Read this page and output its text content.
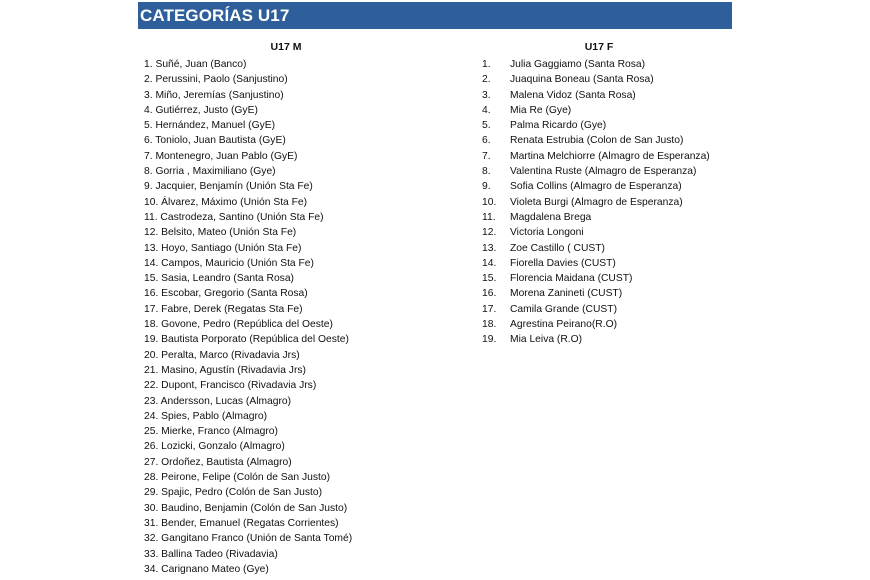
CATEGORÍAS U17
U17 M	U17 F
1. Suñé, Juan (Banco)
2. Perussini, Paolo (Sanjustino)
3. Miño, Jeremías (Sanjustino)
4. Gutiérrez, Justo (GyE)
5. Hernández, Manuel (GyE)
6. Toniolo, Juan Bautista (GyE)
7. Montenegro, Juan Pablo (GyE)
8. Gorria , Maximiliano (Gye)
9. Jacquier, Benjamín (Unión Sta Fe)
10. Álvarez, Máximo (Unión Sta Fe)
11. Castrodeza, Santino (Unión Sta Fe)
12. Belsito, Mateo (Unión Sta Fe)
13. Hoyo, Santiago (Unión Sta Fe)
14. Campos, Mauricio (Unión Sta Fe)
15. Sasia, Leandro (Santa Rosa)
16. Escobar, Gregorio (Santa Rosa)
17. Fabre, Derek (Regatas Sta Fe)
18. Govone, Pedro (República del Oeste)
19. Bautista Porporato (República del Oeste)
20. Peralta, Marco (Rivadavia Jrs)
21. Masino, Agustín (Rivadavia Jrs)
22. Dupont, Francisco (Rivadavia Jrs)
23. Andersson, Lucas (Almagro)
24. Spies, Pablo (Almagro)
25. Mierke, Franco (Almagro)
26. Lozicki, Gonzalo (Almagro)
27. Ordoñez, Bautista (Almagro)
28. Peirone, Felipe (Colón de San Justo)
29. Spajic, Pedro (Colón de San Justo)
30. Baudino, Benjamin (Colón de San Justo)
31. Bender, Emanuel (Regatas Corrientes)
32. Gangitano Franco (Unión de Santa Tomé)
33. Ballina Tadeo (Rivadavia)
34. Carignano Mateo (Gye)
1. Julia Gaggiamo (Santa Rosa)
2. Juaquina Boneau (Santa Rosa)
3. Malena Vidoz (Santa Rosa)
4. Mia Re (Gye)
5. Palma Ricardo (Gye)
6. Renata Estrubia (Colon de San Justo)
7. Martina Melchiorre (Almagro de Esperanza)
8. Valentina Ruste (Almagro de Esperanza)
9. Sofia Collins (Almagro de Esperanza)
10. Violeta Burgi (Almagro de Esperanza)
11. Magdalena Brega
12. Victoria Longoni
13. Zoe Castillo ( CUST)
14. Fiorella Davies (CUST)
15. Florencia Maidana (CUST)
16. Morena Zanineti (CUST)
17. Camila Grande (CUST)
18. Agrestina Peirano(R.O)
19. Mia Leiva (R.O)
